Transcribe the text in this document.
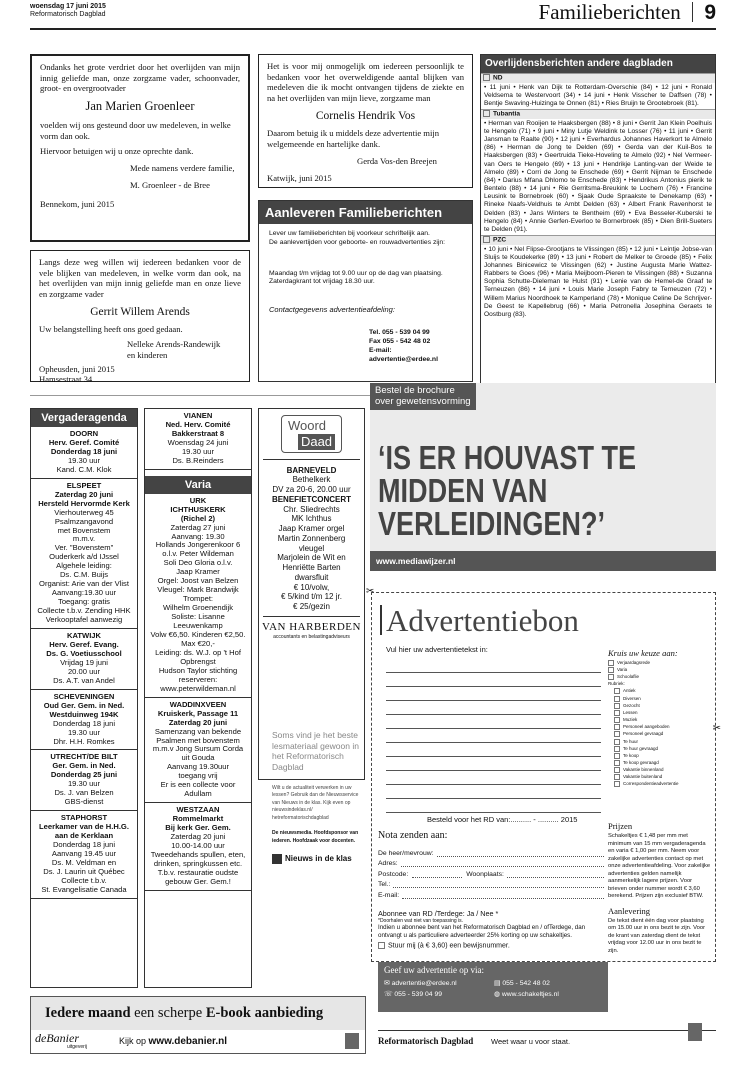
woensdag 17 juni 2015
Reformatorisch Dagblad	Familieberichten 9
Ondanks het grote verdriet door het overlijden van mijn innig geliefde man, onze zorgzame vader, schoonvader, groot- en overgrootvader
Jan Marien Groenleer
voelden wij ons gesteund door uw medeleven, in welke vorm dan ook.
Hiervoor betuigen wij u onze oprechte dank.
Mede namens verdere familie,
M. Groenleer - de Bree
Bennekom, juni 2015
Langs deze weg willen wij iedereen bedanken voor de vele blijken van medeleven, in welke vorm dan ook, na het overlijden van mijn innig geliefde man en onze lieve en zorgzame vader
Gerrit Willem Arends
Uw belangstelling heeft ons goed gedaan.
Nelleke Arends-Randewijk
en kinderen
Opheusden, juni 2015
Hamsestraat 34
Het is voor mij onmogelijk om iedereen persoonlijk te bedanken voor het overweldigende aantal blijken van medeleven die ik mocht ontvangen tijdens de ziekte en na het overlijden van mijn lieve, zorgzame man
Cornelis Hendrik Vos
Daarom betuig ik u middels deze advertentie mijn welgemeende en hartelijke dank.
Gerda Vos-den Breejen
Katwijk, juni 2015
Aanleveren Familieberichten
Lever uw familieberichten bij voorkeur schriftelijk aan.
De aanlevertijden voor geboorte- en rouwadvertenties zijn:
Maandag t/m vrijdag tot 9.00 uur op de dag van plaatsing.
Zaterdagkrant tot vrijdag 18.30 uur.
Contactgegevens advertentieafdeling:
Tel. 055 - 539 04 99
Fax 055 - 542 48 02
E-mail: advertentie@erdee.nl
Overlijdensberichten andere dagbladen
ND
• 11 juni • Henk van Dijk te Rotterdam-Overschie (84) • 12 juni • Ronald Veldsema te Westervoort (34) • 14 juni • Henk Visscher te Daffsen (78) • Bentje Swaving-Huizinga te Onnen (81) • Ries Bruijn te Grootebroek (81).
Tubantia
• Herman van Rooijen te Haaksbergen (88) • 8 juni • Gerrit Jan Klein Poelhuis te Hengelo (71) • 9 juni • Miny Lutje Weldink te Losser (76) • 11 juni • Gerrit Jansman te Raalte (90) • 12 juni • Everhardus Johannes Haverkort te Almelo (86) • Herman de Jong te Delden (69) • Gerda van der Kuil-Bos te Haaksbergen (83) • Geertruida Tieke-Hoveling te Almelo (92) • Nel Vermeer-van Oers te Hengelo (69) • 13 juni • Hendrikje Lanting-van der Weide te Almelo (89) • Corri de Jong te Enschede (69) • Gerrit Nijman te Enschede (84) • Darius Mfana Dhlomo te Enschede (83) • Hendrikus Antonius pierik te Bentelo (88) • 14 juni • Rie Gerritsma-Breukink te Lochem (76) • Francine Leusink te Bornebroek (60) • Sjaak Oude Spraakste te Denekamp (63) • Rineke Naafs-Veldhuis te Ambt Delden (63) • Albert Frank Ravenhorst te Delden (83) • Jans Winters te Bentheim (69) • Eva Besseler-Kuberski te Hengelo (84) • Annie Gerfen-Everloo te Bornerbroek (85) • Dien Brill-Sueters te Delden (91).
PZC
• 10 juni • Nel Flipse-Grootjans te Vlissingen (85) • 12 juni • Leintje Jobse-van Sluijs te Koudekerke (89) • 13 juni • Robert de Melker te Groede (85) • Felix Johannes Binicewicz te Vlissingen (62) • Justine Augusta Marie Wattez-Rabbers te Goes (96) • Maria Meijboom-Pieren te Vlissingen (88) • Suzanna Sophia Schutte-Dieleman te Hulst (91) • Lenie van de Hemel-de Graaf te Terneuzen (86) • 14 juni • Louis Marie Joseph Fabry te Terneuzen (72) • Willem Marius Noordhoek te Kamperland (78) • Monique Celine De Schrijver-De Geest te Kapellebrug (66) • Maria Petronella Josephina Geraets te Oostburg (83).
Vergaderagenda
DOORN
Herv. Geref. Comité
Donderdag 18 juni
19.30 uur
Kand. C.M. Klok
ELSPEET
Zaterdag 20 juni
Hersteld Hervormde Kerk
Vierhouterweg 45
Psalmzangavond
met Bovenstem
m.m.v.
Ver. "Bovenstem"
Ouderkerk a/d IJssel
Algehele leiding:
Ds. C.M. Buijs
Organist: Arie van der Vlist
Aanvang:19.30 uur
Toegang: gratis
Collecte t.b.v. Zending HHK
Verkooptafel aanwezig
KATWIJK
Herv. Geref. Evang.
Ds. G. Voetiusschool
Vrijdag 19 juni
20.00 uur
Ds. A.T. van Andel
SCHEVENINGEN
Oud Ger. Gem. in Ned.
Westduinweg 194K
Donderdag 18 juni
19.30 uur
Dhr. H.H. Romkes
UTRECHT/DE BILT
Ger. Gem. in Ned.
Donderdag 25 juni
19.30 uur
Ds. J. van Belzen
GBS-dienst
STAPHORST
Leerkamer van de H.H.G.
aan de Kerklaan
Donderdag 18 juni
Aanvang 19.45 uur
Ds. M. Veldman en
Ds. J. Laurin uit Québec
Collecte t.b.v.
St. Evangelisatie Canada
VIANEN
Ned. Herv. Comité
Bakkerstraat 8
Woensdag 24 juni
19.30 uur
Ds. B.Reinders
Varia
URK
ICHTHUSKERK
(Richel 2)
Zaterdag 27 juni
Aanvang: 19.30
Hollands Jongerenkoor 6
o.l.v. Peter Wildeman
Soli Deo Gloria o.l.v.
Jaap Kramer
Orgel: Joost van Belzen
Vleugel: Mark Brandwijk
Trompet:
Wilhelm Groenendijk
Soliste: Lisanne
Leeuwenkamp
Volw €6,50. Kinderen €2,50.
Max €20,-
Leiding: ds. W.J. op 't Hof
Opbrengst
Hudson Taylor stichting
reserveren:
www.peterwildeman.nl
WADDINXVEEN
Kruiskerk, Passage 11
Zaterdag 20 juni
Samenzang van bekende
Psalmen met bovenstem
m.m.v Jong Sursum Corda
uit Gouda
Aanvang 19.30uur
toegang vrij
Er is een collecte voor
Adullam
WESTZAAN
Rommelmarkt
Bij kerk Ger. Gem.
Zaterdag 20 juni
10.00-14.00 uur
Tweedehands spullen, eten,
drinken, springkussen etc.
T.b.v. restauratie oudste
gebouw Ger. Gem.!
Woord
Daad
BARNEVELD
Bethelkerk
DV za 20-6, 20.00 uur
BENEFIETCONCERT
Chr. Sliedrechts
MK Ichthus
Jaap Kramer orgel
Martin Zonnenberg
vleugel
Marjolein de Wit en
Henriëtte Barten
dwarsfluit
€ 10/volw,
€ 5/kind t/m 12 jr.
€ 25/gezin
VAN HARBERDEN
accountants en belastingadviseurs
Soms vind je het beste lesmateriaal gewoon in het Reformatorisch Dagblad
Wilt u de actualiteit verwerken in uw lessen? Gebruik dan de Nieuwsservice van Nieuws in de klas. Kijk even op nieuwsindeklas.nl/ hetreformatorischdagblad
De nieuwsmedia. Hoofdsponsor van iederen. Hoofdzaak voor docenten.
Nieuws in de klas
Bestel de brochure
over gewetensvorming
‘IS ER HOUVAST TE
MIDDEN VAN
VERLEIDINGEN?’
www.mediawijzer.nl
✂
Advertentiebon
Vul hier uw advertentietekst in:	Kruis uw keuze aan:
Verjaardagsrede
Varia
Schoolaflie
Rubriek:
Antiek
Diversen
Gezocht
Lessen
Muziek
Personeel aangeboden
Personeel gevraagd
Te huur
Te huur gevraagd
Te koop
Te koop gevraagd
Vakantie binnenland
Vakantie buitenland
Correspondentieadvertentie
Besteld voor het RD van:.......... - .......... 2015
Nota zenden aan:
De heer/mevrouw:
Adres:
Postcode:	Woonplaats:
Tel.:
E-mail:
Abonnee van RD /Terdege: Ja / Nee *
*Doorhalen wat niet van toepassing is.
Indien u abonnee bent van het Reformatorisch Dagblad en / ofTerdege, dan ontvangt u als particuliere adverteerder 25% korting op uw schakeltjes.
Stuur mij (à € 3,60) een bewijsnummer.
✂
Prijzen
Schakeltjes € 1,48 per mm met minimum van 15 mm vergaderagenda en varia € 1,00 per mm. Neem voor zakelijke advertenties contact op met onze advertentieafdeling. Voor zakelijke advertenties gelden namelijk aanmerkelijk lagere prijzen. Voor brieven onder nummer wordt € 3,60 berekend. Prijzen zijn exclusief BTW.
Aanlevering
De tekst dient één dag voor plaatsing om 15.00 uur in ons bezit te zijn. Voor de krant van zaterdag dient de tekst vrijdag voor 12.00 uur in ons bezit te zijn.
Geef uw advertentie op via:
✉ advertentie@erdee.nl	▤ 055 - 542 48 02
☏ 055 - 539 04 99	◍ www.schakeltjes.nl
Reformatorisch Dagblad Weet waar u voor staat.
Iedere maand een scherpe E-book aanbieding
deBanier
uitgeverij
Kijk op www.debanier.nl
